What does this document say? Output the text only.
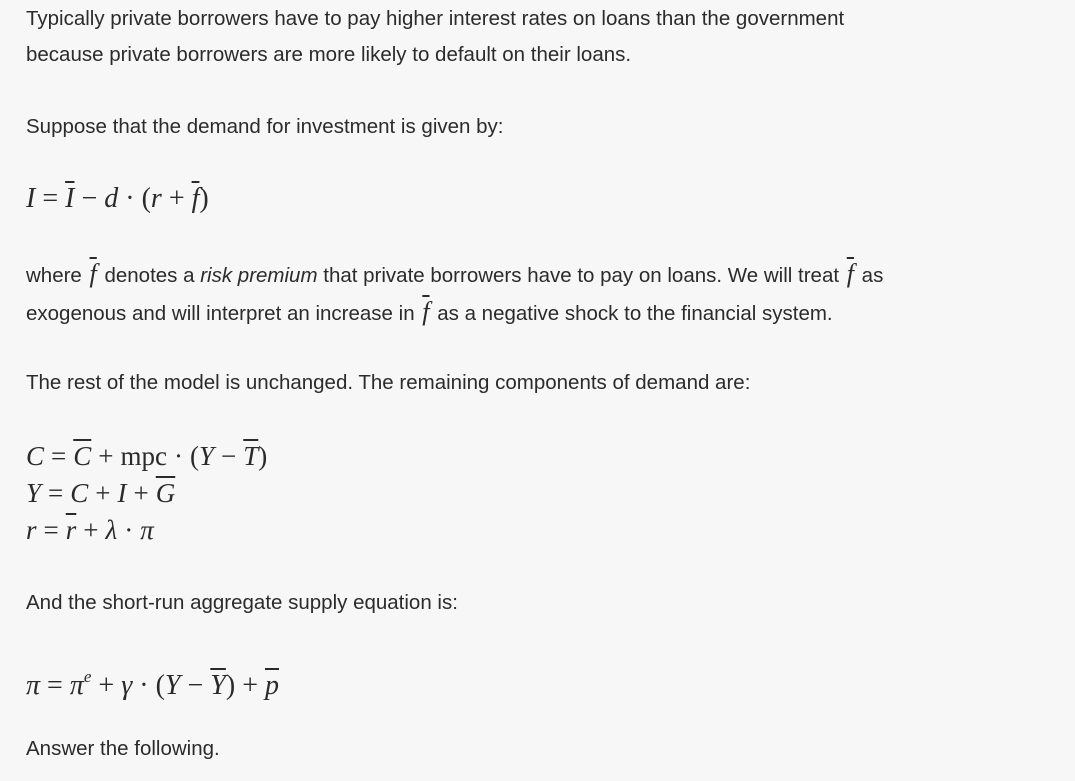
Typically private borrowers have to pay higher interest rates on loans than the government
because private borrowers are more likely to default on their loans.

Suppose that the demand for investment is given by:

$I = \overline{I} - d \cdot (r + \overline{f})$

where $\overline{f}$ denotes a risk premium that private borrowers have to pay on loans. We will treat $\overline{f}$ as
exogenous and will interpret an increase in $\overline{f}$ as a negative shock to the financial system.

The rest of the model is unchanged. The remaining components of demand are:

$C = \overline{C}$ + mpc · $(Y - \overline{T})$
$Y = C + I + \overline{G}$
$r = \overline{r} + \lambda \cdot \pi$

And the short-run aggregate supply equation is:

$\pi = \pi^e + \gamma \cdot (Y - \overline{Y}) + \overline{p}$

Answer the following.
